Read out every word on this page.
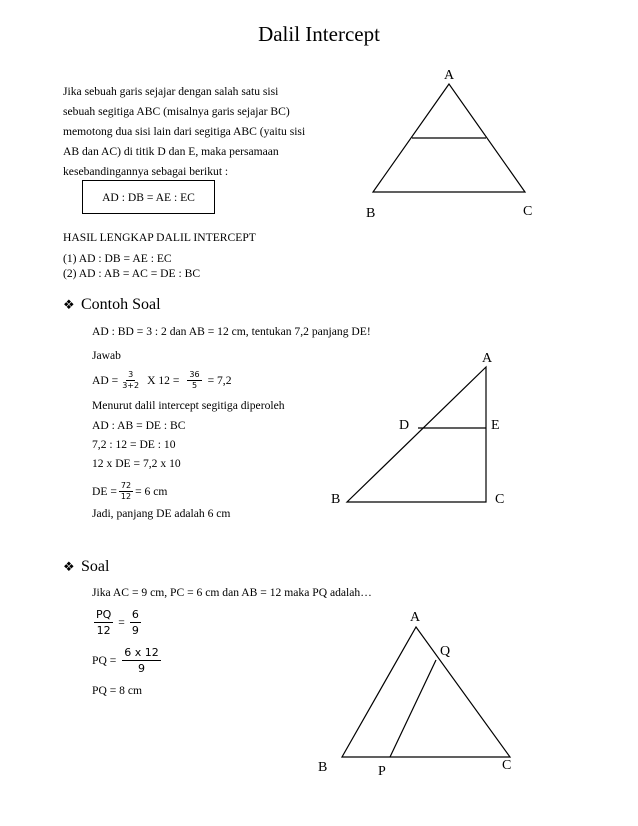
Dalil Intercept
Jika sebuah garis sejajar dengan salah satu sisi
sebuah segitiga ABC (misalnya garis sejajar BC)
memotong dua sisi lain dari segitiga ABC (yaitu sisi
AB dan AC) di titik D dan E, maka persamaan
kesebandingannya sebagai berikut :
AD : DB = AE : EC
A
B	C
HASIL LENGKAP DALIL INTERCEPT
(1) AD : DB = AE : EC
(2) AD : AB = AC = DE : BC
❖ Contoh Soal
AD : BD = 3 : 2 dan AB = 12 cm, tentukan 7,2 panjang DE!
Jawab
AD = $\frac{3}{3+2}$ X $12 = \frac{36}{5} = 7,2$
Menurut dalil intercept segitiga diperoleh
AD : AB = DE : BC
7,2 : 12 = DE : 10
12 x DE = 7,2 x 10
DE = $\frac{72}{12} = 6$ cm
Jadi, panjang DE adalah 6 cm
A
D	E
B	C
❖ Soal
Jika AC = 9 cm, PC = 6 cm dan AB = 12 maka PQ adalah…
$\frac{PQ}{12} = \frac{6}{9}$
PQ = $\frac{6 x 12}{9}$
PQ = 8 cm
A
Q
B	P	C
